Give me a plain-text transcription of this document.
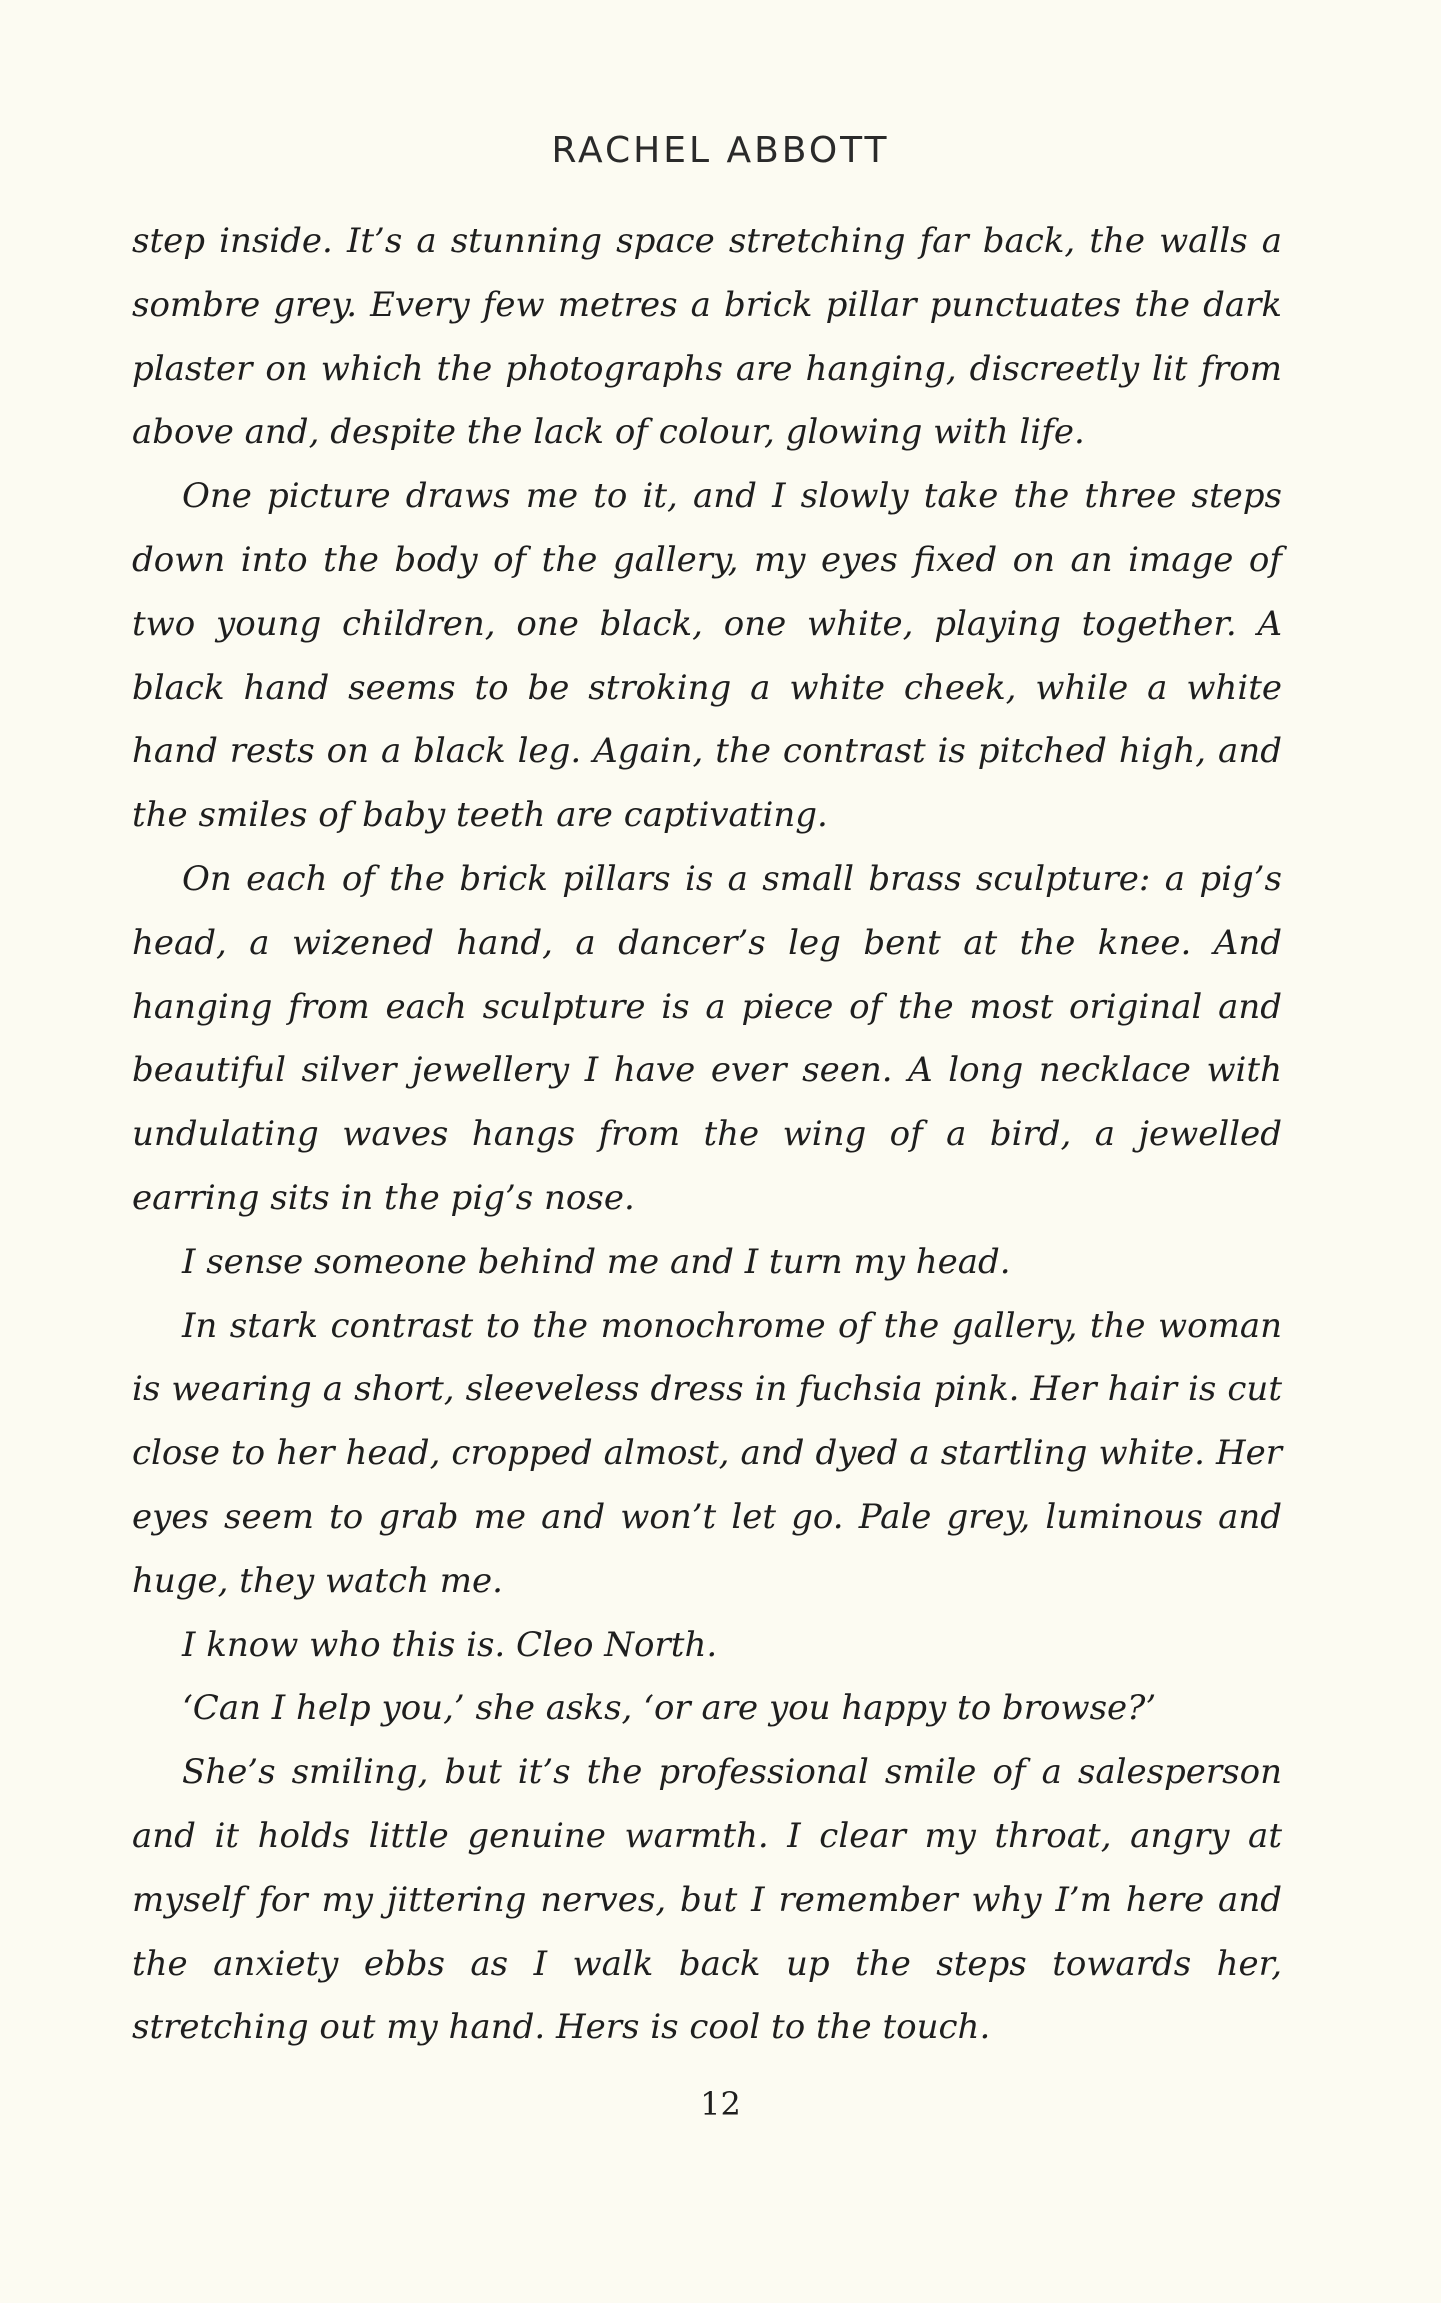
RACHEL ABBOTT

step inside. It’s a stunning space stretching far back, the walls a sombre grey. Every few metres a brick pillar punctuates the dark plaster on which the photographs are hanging, discreetly lit from above and, despite the lack of colour, glowing with life.

One picture draws me to it, and I slowly take the three steps down into the body of the gallery, my eyes fixed on an image of two young children, one black, one white, playing together. A black hand seems to be stroking a white cheek, while a white hand rests on a black leg. Again, the contrast is pitched high, and the smiles of baby teeth are captivating.

On each of the brick pillars is a small brass sculpture: a pig’s head, a wizened hand, a dancer’s leg bent at the knee. And hanging from each sculpture is a piece of the most original and beautiful silver jewellery I have ever seen. A long necklace with undulating waves hangs from the wing of a bird, a jewelled earring sits in the pig’s nose.

I sense someone behind me and I turn my head.

In stark contrast to the monochrome of the gallery, the woman is wearing a short, sleeveless dress in fuchsia pink. Her hair is cut close to her head, cropped almost, and dyed a startling white. Her eyes seem to grab me and won’t let go. Pale grey, luminous and huge, they watch me.

I know who this is. Cleo North.

‘Can I help you,’ she asks, ‘or are you happy to browse?’

She’s smiling, but it’s the professional smile of a salesperson and it holds little genuine warmth. I clear my throat, angry at myself for my jittering nerves, but I remember why I’m here and the anxiety ebbs as I walk back up the steps towards her, stretching out my hand. Hers is cool to the touch.

12
